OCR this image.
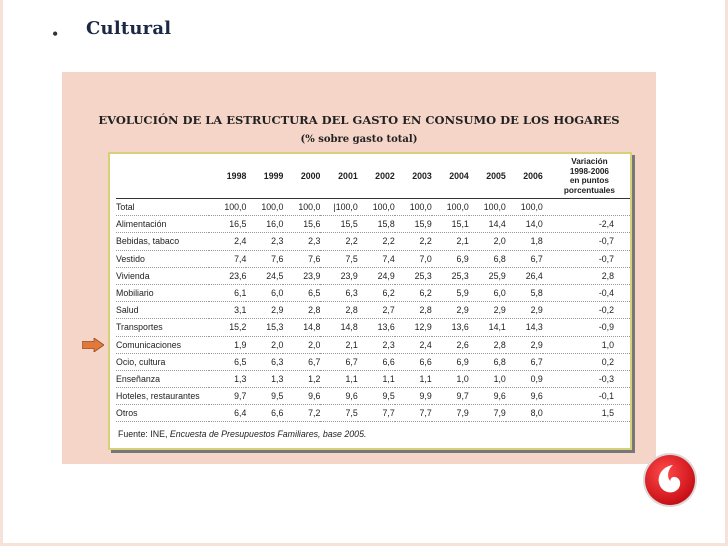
• Cultural
EVOLUCIÓN DE LA ESTRUCTURA DEL GASTO EN CONSUMO DE LOS HOGARES
(% sobre gasto total)
	1998	1999	2000	2001	2002	2003	2004	2005	2006	Variación
1998-2006
en puntos
porcentuales

Total	100,0	100,0	100,0	|100,0	100,0	100,0	100,0	100,0	100,0	
Alimentación	16,5	16,0	15,6	15,5	15,8	15,9	15,1	14,4	14,0	-2,4
Bebidas, tabaco	2,4	2,3	2,3	2,2	2,2	2,2	2,1	2,0	1,8	-0,7
Vestido	7,4	7,6	7,6	7,5	7,4	7,0	6,9	6,8	6,7	-0,7
Vivienda	23,6	24,5	23,9	23,9	24,9	25,3	25,3	25,9	26,4	2,8
Mobiliario	6,1	6,0	6,5	6,3	6,2	6,2	5,9	6,0	5,8	-0,4
Salud	3,1	2,9	2,8	2,8	2,7	2,8	2,9	2,9	2,9	-0,2
Transportes	15,2	15,3	14,8	14,8	13,6	12,9	13,6	14,1	14,3	-0,9
Comunicaciones	1,9	2,0	2,0	2,1	2,3	2,4	2,6	2,8	2,9	1,0
Ocio, cultura	6,5	6,3	6,7	6,7	6,6	6,6	6,9	6,8	6,7	0,2
Enseñanza	1,3	1,3	1,2	1,1	1,1	1,1	1,0	1,0	0,9	-0,3
Hoteles, restaurantes	9,7	9,5	9,6	9,6	9,5	9,9	9,7	9,6	9,6	-0,1
Otros	6,4	6,6	7,2	7,5	7,7	7,7	7,9	7,9	8,0	1,5
Fuente: INE, Encuesta de Presupuestos Familiares, base 2005.
